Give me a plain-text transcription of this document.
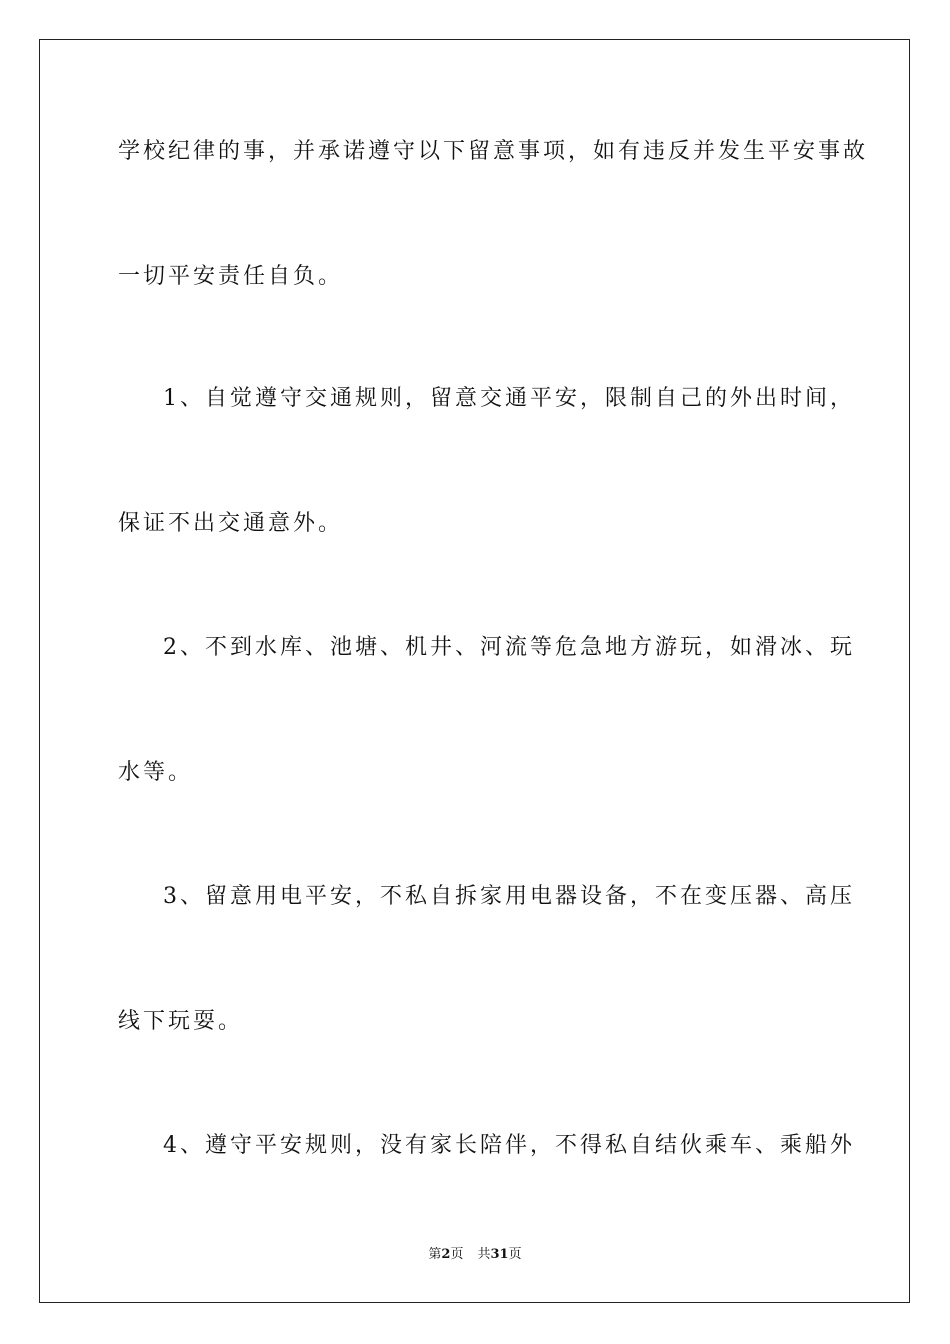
学校纪律的事，并承诺遵守以下留意事项，如有违反并发生平安事故
一切平安责任自负。
1、自觉遵守交通规则，留意交通平安，限制自己的外出时间，
保证不出交通意外。
2、不到水库、池塘、机井、河流等危急地方游玩，如滑冰、玩
水等。
3、留意用电平安，不私自拆家用电器设备，不在变压器、高压
线下玩耍。
4、遵守平安规则，没有家长陪伴，不得私自结伙乘车、乘船外
第2页 共31页
